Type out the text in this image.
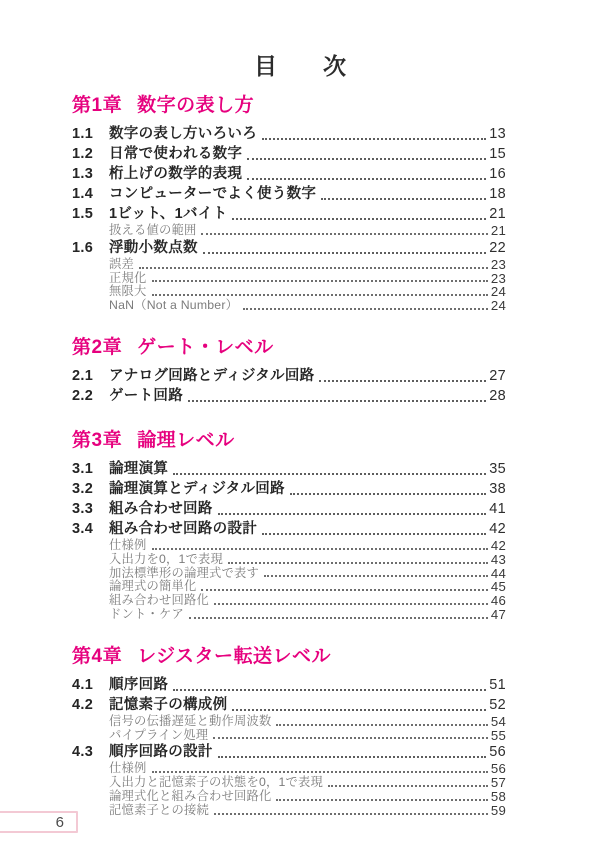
目　　次
第1章 数字の表し方
1.1	数字の表し方いろいろ	13
1.2	日常で使われる数字	15
1.3	桁上げの数学的表現	16
1.4	コンピューターでよく使う数字	18
1.5	1ビット、1バイト	21
扱える値の範囲	21
1.6	浮動小数点数	22
誤差	23
正規化	23
無限大	24
NaN（Not a Number）	24
第2章 ゲート・レベル
2.1	アナログ回路とディジタル回路	27
2.2	ゲート回路	28
第3章 論理レベル
3.1	論理演算	35
3.2	論理演算とディジタル回路	38
3.3	組み合わせ回路	41
3.4	組み合わせ回路の設計	42
仕様例	42
入出力を0，1で表現	43
加法標準形の論理式で表す	44
論理式の簡単化	45
組み合わせ回路化	46
ドント・ケア	47
第4章 レジスター転送レベル
4.1	順序回路	51
4.2	記憶素子の構成例	52
信号の伝播遅延と動作周波数	54
パイプライン処理	55
4.3	順序回路の設計	56
仕様例	56
入出力と記憶素子の状態を0，1で表現	57
論理式化と組み合わせ回路化	58
記憶素子との接続	59
6
